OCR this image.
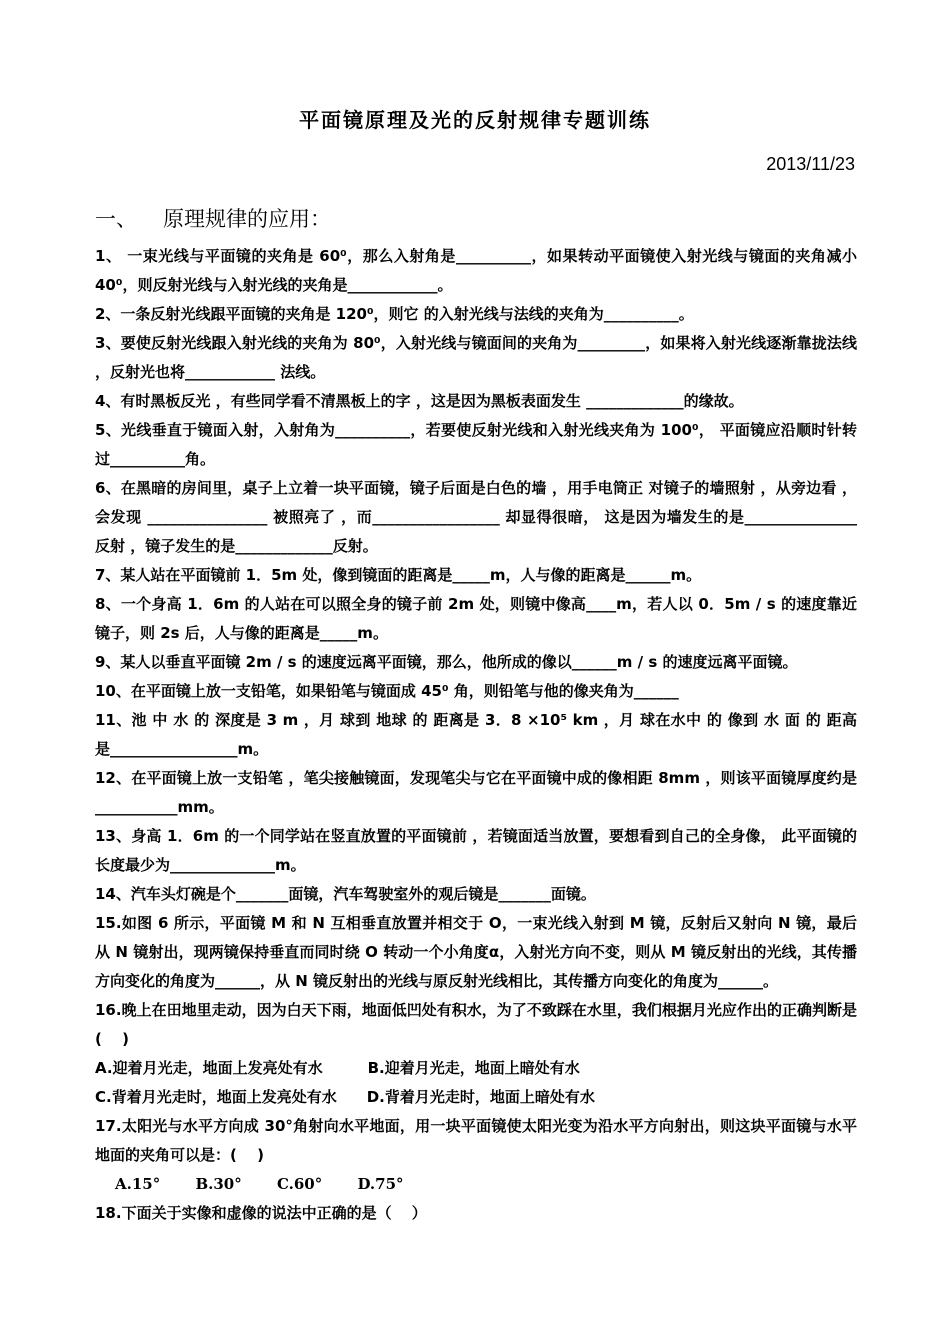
平面镜原理及光的反射规律专题训练
2013/11/23
一、 原理规律的应用：

1、 一束光线与平面镜的夹角是 60⁰，那么入射角是__________，如果转动平面镜使入射光线与镜面的夹角减小 40⁰，则反射光线与入射光线的夹角是____________。

2、一条反射光线跟平面镜的夹角是 120⁰，则它 的入射光线与法线的夹角为__________。

3、要使反射光线跟入射光线的夹角为 80⁰，入射光线与镜面间的夹角为_________，如果将入射光线逐渐靠拢法线 ，反射光也将____________ 法线。

4、有时黑板反光 ，有些同学看不清黑板上的字 ，这是因为黑板表面发生 _____________的缘故。

5、光线垂直于镜面入射，入射角为__________，若要使反射光线和入射光线夹角为 100⁰， 平面镜应沿顺时针转过__________角。

6、在黑暗的房间里，桌子上立着一块平面镜，镜子后面是白色的墙 ，用手电筒正 对镜子的墙照射 ，从旁边看 ，会发现 ________________ 被照亮了 ，而_________________ 却显得很暗， 这是因为墙发生的是_______________ 反射 ，镜子发生的是_____________反射。

7、某人站在平面镜前 1．5m 处，像到镜面的距离是_____m，人与像的距离是______m。

8、一个身高 1．6m 的人站在可以照全身的镜子前 2m 处，则镜中像高____m，若人以 0．5m / s 的速度靠近镜子，则 2s 后，人与像的距离是_____m。

9、某人以垂直平面镜 2m / s 的速度远离平面镜，那么，他所成的像以______m / s 的速度远离平面镜。

10、在平面镜上放一支铅笔，如果铅笔与镜面成 45⁰ 角，则铅笔与他的像夹角为______

11、池 中 水 的 深度是 3 m ，月 球到 地球 的 距离是 3．8 ×10⁵ km ，月 球在水中 的 像到 水 面 的 距高 是_________________m。

12、在平面镜上放一支铅笔 ，笔尖接触镜面，发现笔尖与它在平面镜中成的像相距 8mm ，则该平面镜厚度约是___________mm。

13、身高 1．6m 的一个同学站在竖直放置的平面镜前 ，若镜面适当放置，要想看到自己的全身像， 此平面镜的长度最少为______________m。

14、汽车头灯碗是个_______面镜，汽车驾驶室外的观后镜是_______面镜。

15.如图 6 所示，平面镜 M 和 N 互相垂直放置并相交于 O，一束光线入射到 M 镜，反射后又射向 N 镜，最后从 N 镜射出，现两镜保持垂直而同时绕 O 转动一个小角度α，入射光方向不变，则从 M 镜反射出的光线，其传播方向变化的角度为______，从 N 镜反射出的光线与原反射光线相比，其传播方向变化的角度为______。

16.晚上在田地里走动，因为白天下雨，地面低凹处有积水，为了不致踩在水里，我们根据月光应作出的正确判断是(　 )

A.迎着月光走，地面上发亮处有水　　　B.迎着月光走，地面上暗处有水

C.背着月光走时，地面上发亮处有水　　D.背着月光走时，地面上暗处有水

17.太阳光与水平方向成 30°角射向水平地面，用一块平面镜使太阳光变为沿水平方向射出，则这块平面镜与水平地面的夹角可以是：(　 )

A.15°　　 B.30°　　 C.60°　　 D.75°

18.下面关于实像和虚像的说法中正确的是（　 ）
